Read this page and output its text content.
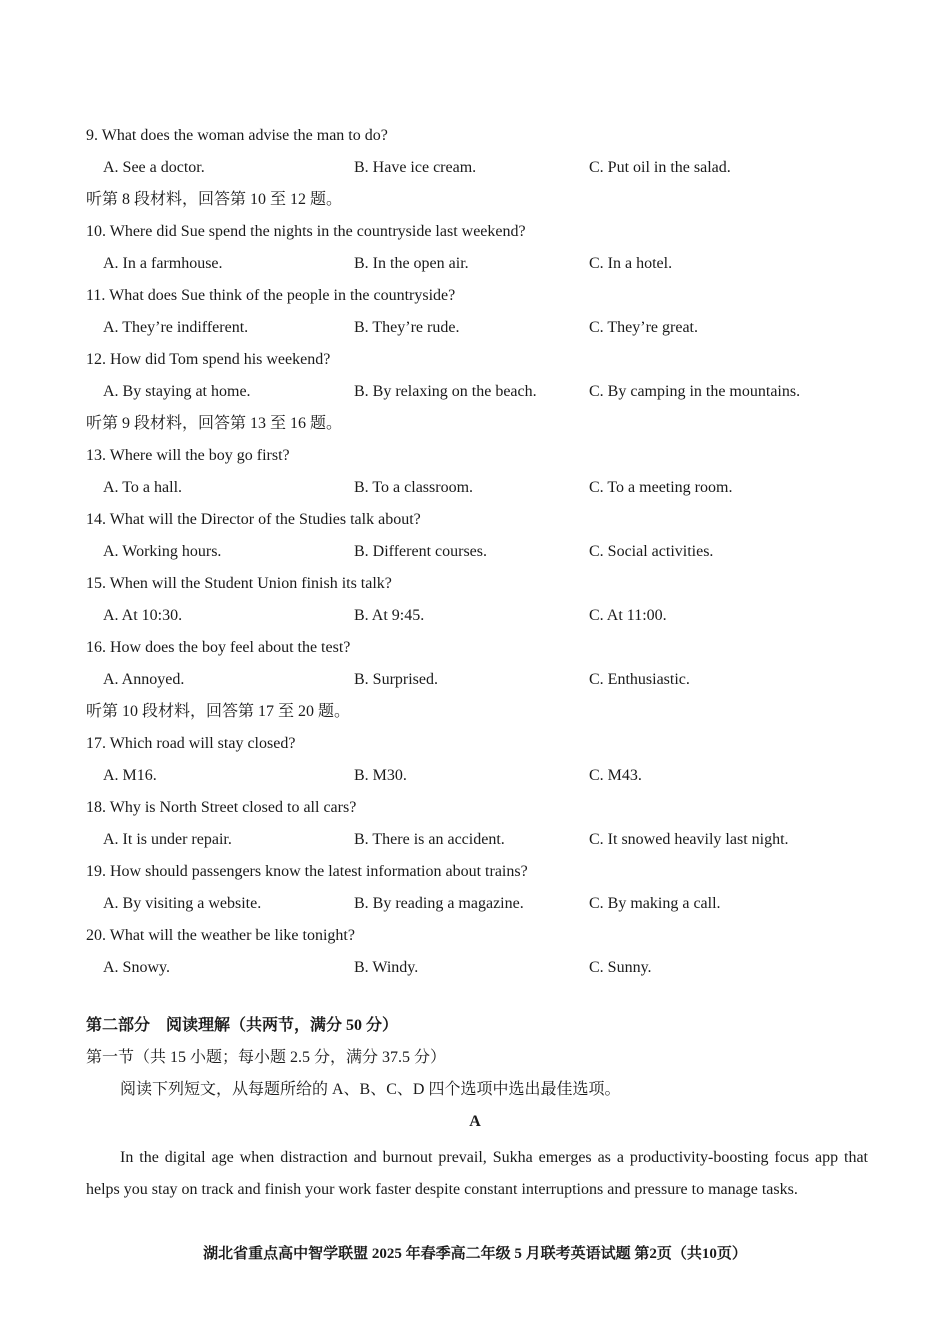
9. What does the woman advise the man to do?
A. See a doctor.	B. Have ice cream.	C. Put oil in the salad.
听第 8 段材料，回答第 10 至 12 题。
10. Where did Sue spend the nights in the countryside last weekend?
A. In a farmhouse.	B. In the open air.	C. In a hotel.
11. What does Sue think of the people in the countryside?
A. They’re indifferent.	B. They’re rude.	C. They’re great.
12. How did Tom spend his weekend?
A. By staying at home.	B. By relaxing on the beach.	C. By camping in the mountains.
听第 9 段材料，回答第 13 至 16 题。
13. Where will the boy go first?
A. To a hall.	B. To a classroom.	C. To a meeting room.
14. What will the Director of the Studies talk about?
A. Working hours.	B. Different courses.	C. Social activities.
15. When will the Student Union finish its talk?
A. At 10:30.	B. At 9:45.	C. At 11:00.
16. How does the boy feel about the test?
A. Annoyed.	B. Surprised.	C. Enthusiastic.
听第 10 段材料，回答第 17 至 20 题。
17. Which road will stay closed?
A. M16.	B. M30.	C. M43.
18. Why is North Street closed to all cars?
A. It is under repair.	B. There is an accident.	C. It snowed heavily last night.
19. How should passengers know the latest information about trains?
A. By visiting a website.	B. By reading a magazine.	C. By making a call.
20. What will the weather be like tonight?
A. Snowy.	B. Windy.	C. Sunny.
第二部分　阅读理解（共两节，满分 50 分）
第一节（共 15 小题；每小题 2.5 分，满分 37.5 分）
阅读下列短文，从每题所给的 A、B、C、D 四个选项中选出最佳选项。
A
In the digital age when distraction and burnout prevail, Sukha emerges as a productivity-boosting focus app that helps you stay on track and finish your work faster despite constant interruptions and pressure to manage tasks.
湖北省重点高中智学联盟 2025 年春季高二年级 5 月联考英语试题 第2页（共10页）
